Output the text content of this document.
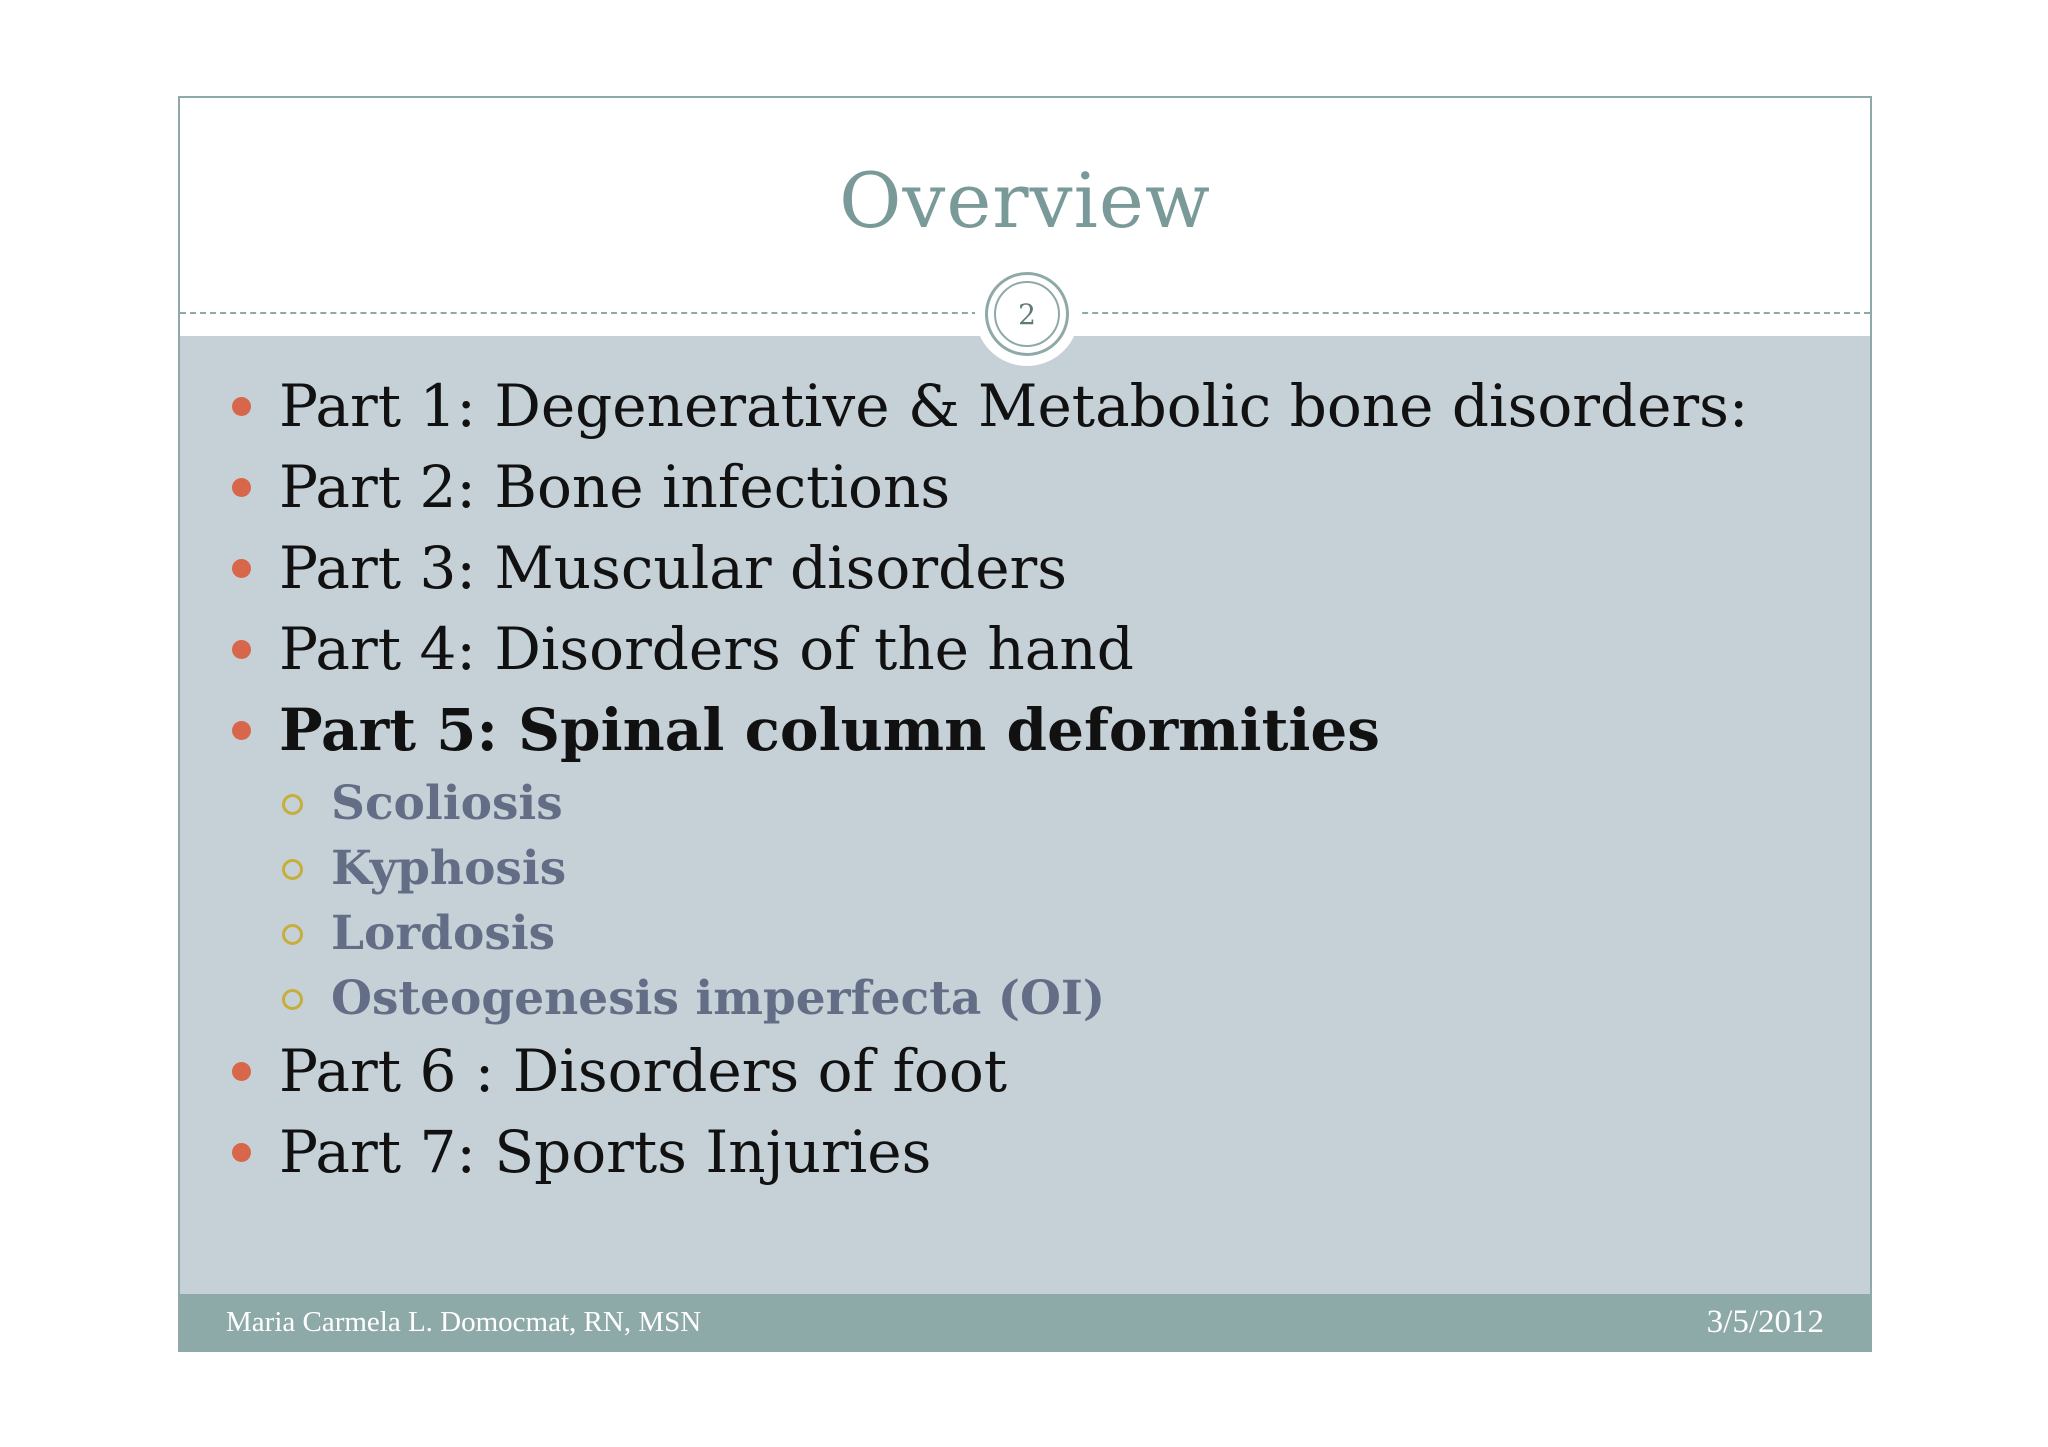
Overview
2
Part 1: Degenerative & Metabolic bone disorders:
Part 2: Bone infections
Part 3: Muscular disorders
Part 4: Disorders of the hand
Part 5: Spinal column deformities
Scoliosis
Kyphosis
Lordosis
Osteogenesis imperfecta (OI)
Part 6 : Disorders of foot
Part 7: Sports Injuries
Maria Carmela L. Domocmat, RN, MSN	3/5/2012
